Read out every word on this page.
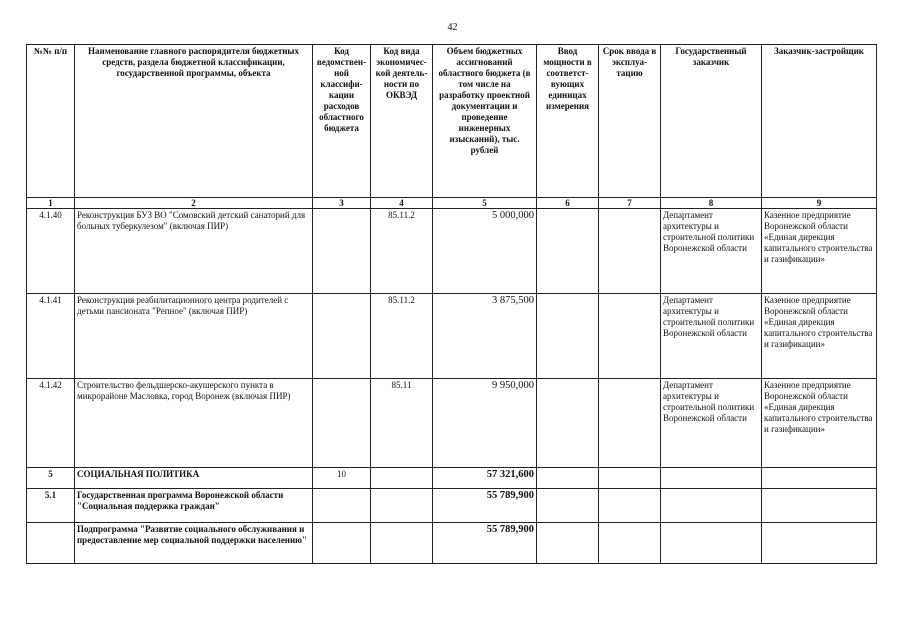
42
№№ п/п	Наименование главного распорядителя бюджетных средств, раздела бюджетной классификации, государственной программы, объекта	Код ведомствен-ной классифи-кации расходов областного бюджета	Код вида экономичес-кой деятель-ности по ОКВЭД	Объем бюджетных ассигнований областного бюджета (в том числе на разработку проектной документации и проведение инженерных изысканий), тыс. рублей	Ввод мощности в соответст-вующих единицах измерения	Срок ввода в эксплуа-тацию	Государственный заказчик	Заказчик-застройщик
1	2	3	4	5	6	7	8	9
4.1.40	Реконструкция БУЗ ВО "Сомовский детский санаторий для больных туберкулезом" (включая ПИР)		85.11.2	5 000,000			Департамент архитектуры и строительной политики Воронежской области	Казенное предприятие Воронежской области «Единая дирекция капитального строительства и газификации»
4.1.41	Реконструкция реабилитационного центра родителей с детьми пансионата "Репное" (включая ПИР)		85.11.2	3 875,500			Департамент архитектуры и строительной политики Воронежской области	Казенное предприятие Воронежской области «Единая дирекция капитального строительства и газификации»
4.1.42	Строительство фельдшерско-акушерского пункта в микрорайоне Масловка, город Воронеж (включая ПИР)		85.11	9 950,000			Департамент архитектуры и строительной политики Воронежской области	Казенное предприятие Воронежской области «Единая дирекция капитального строительства и газификации»
5	СОЦИАЛЬНАЯ ПОЛИТИКА	10		57 321,600				
5.1	Государственная программа Воронежской области "Социальная поддержка граждан"			55 789,900				
	Подпрограмма "Развитие социального обслуживания и предоставление мер социальной поддержки населению"			55 789,900				
